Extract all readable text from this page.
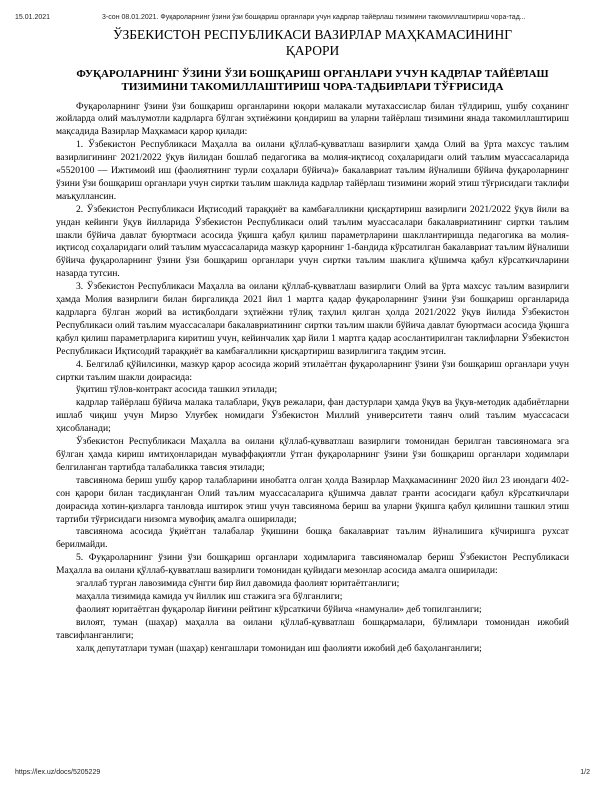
15.01.2021	3-сон 08.01.2021. Фуқароларнинг ўзини ўзи бошқариш органлари учун кадрлар тайёрлаш тизимини такомиллаштириш чора-тад...

ЎЗБЕКИСТОН РЕСПУБЛИКАСИ ВАЗИРЛАР МАҲКАМАСИНИНГ

ҚАРОРИ

ФУҚАРОЛАРНИНГ ЎЗИНИ ЎЗИ БОШҚАРИШ ОРГАНЛАРИ УЧУН КАДРЛАР ТАЙЁРЛАШ ТИЗИМИНИ ТАКОМИЛЛАШТИРИШ ЧОРА-ТАДБИРЛАРИ ТЎҒРИСИДА

Фуқароларнинг ўзини ўзи бошқариш органларини юқори малакали мутахассислар билан тўлдириш, ушбу соҳанинг жойларда олий маълумотли кадрларга бўлган эҳтиёжини қондириш ва уларни тайёрлаш тизимини янада такомиллаштириш мақсадида Вазирлар Маҳкамаси қарор қилади:

1. Ўзбекистон Республикаси Маҳалла ва оилани қўллаб-қувватлаш вазирлиги ҳамда Олий ва ўрта махсус таълим вазирлигининг 2021/2022 ўқув йилидан бошлаб педагогика ва молия-иқтисод соҳаларидаги олий таълим муассасаларида «5520100 — Ижтимоий иш (фаолиятнинг турли соҳалари бўйича)» бакалавриат таълим йўналиши бўйича фуқароларнинг ўзини ўзи бошқариш органлари учун сиртки таълим шаклида кадрлар тайёрлаш тизимини жорий этиш тўғрисидаги таклифи маъқуллансин.

2. Ўзбекистон Республикаси Иқтисодий тараққиёт ва камбағалликни қисқартириш вазирлиги 2021/2022 ўқув йили ва ундан кейинги ўқув йилларида Ўзбекистон Республикаси олий таълим муассасалари бакалавриатининг сиртки таълим шакли бўйича давлат буюртмаси асосида ўқишга қабул қилиш параметрларини шакллантиришда педагогика ва молия-иқтисод соҳаларидаги олий таълим муассасаларида мазкур қарорнинг 1-бандида кўрсатилган бакалавриат таълим йўналиши бўйича фуқароларнинг ўзини ўзи бошқариш органлари учун сиртки таълим шаклига қўшимча қабул кўрсаткичларини назарда тутсин.

3. Ўзбекистон Республикаси Маҳалла ва оилани қўллаб-қувватлаш вазирлиги Олий ва ўрта махсус таълим вазирлиги ҳамда Молия вазирлиги билан биргаликда 2021 йил 1 мартга қадар фуқароларнинг ўзини ўзи бошқариш органларида кадрларга бўлган жорий ва истиқболдаги эҳтиёжни тўлиқ таҳлил қилган ҳолда 2021/2022 ўқув йилида Ўзбекистон Республикаси олий таълим муассасалари бакалавриатининг сиртки таълим шакли бўйича давлат буюртмаси асосида ўқишга қабул қилиш параметрларига киритиш учун, кейинчалик ҳар йили 1 мартга қадар асослантирилган таклифларни Ўзбекистон Республикаси Иқтисодий тараққиёт ва камбағалликни қисқартириш вазирлигига тақдим этсин.

4. Белгилаб қўйилсинки, мазкур қарор асосида жорий этилаётган фуқароларнинг ўзини ўзи бошқариш органлари учун сиртки таълим шакли доирасида:

ўқитиш тўлов-контракт асосида ташкил этилади;

кадрлар тайёрлаш бўйича малака талаблари, ўқув режалари, фан дастурлари ҳамда ўқув ва ўқув-методик адабиётларни ишлаб чиқиш учун Мирзо Улуғбек номидаги Ўзбекистон Миллий университети таянч олий таълим муассасаси ҳисобланади;

Ўзбекистон Республикаси Маҳалла ва оилани қўллаб-қувватлаш вазирлиги томонидан берилган тавсияномага эга бўлган ҳамда кириш имтиҳонларидан муваффақиятли ўтган фуқароларнинг ўзини ўзи бошқариш органлари ходимлари белгиланган тартибда талабаликка тавсия этилади;

тавсияномa бериш ушбу қарор талабларини инобатга олган ҳолда Вазирлар Маҳкамасининг 2020 йил 23 июндаги 402-сон қарори билан тасдиқланган Олий таълим муассасаларига қўшимча давлат гранти асосидаги қабул кўрсаткичлари доирасида хотин-қизларга танловда иштирок этиш учун тавсиянома бериш ва уларни ўқишга қабул қилишни ташкил этиш тартиби тўғрисидаги низомга мувофиқ амалга оширилади;

тавсиянома асосида ўқиётган талабалар ўқишини бошқа бакалавриат таълим йўналишига кўчиришга рухсат берилмайди.

5. Фуқароларнинг ўзини ўзи бошқариш органлари ходимларига тавсияномалар бериш Ўзбекистон Республикаси Маҳалла ва оилани қўллаб-қувватлаш вазирлиги томонидан қуйидаги мезонлар асосида амалга оширилади:

эгаллаб турган лавозимида сўнгги бир йил давомида фаолият юритаётганлиги;

маҳалла тизимида камида уч йиллик иш стажига эга бўлганлиги;

фаолият юритаётган фуқаролар йиғини рейтинг кўрсаткичи бўйича «намунали» деб топилганлиги;

вилоят, туман (шаҳар) маҳалла ва оилани қўллаб-қувватлаш бошқармалари, бўлимлари томонидан ижобий тавсифланганлиги;

халқ депутатлари туман (шаҳар) кенгашлари томонидан иш фаолияти ижобий деб баҳоланганлиги;

https://lex.uz/docs/5205229	1/2
